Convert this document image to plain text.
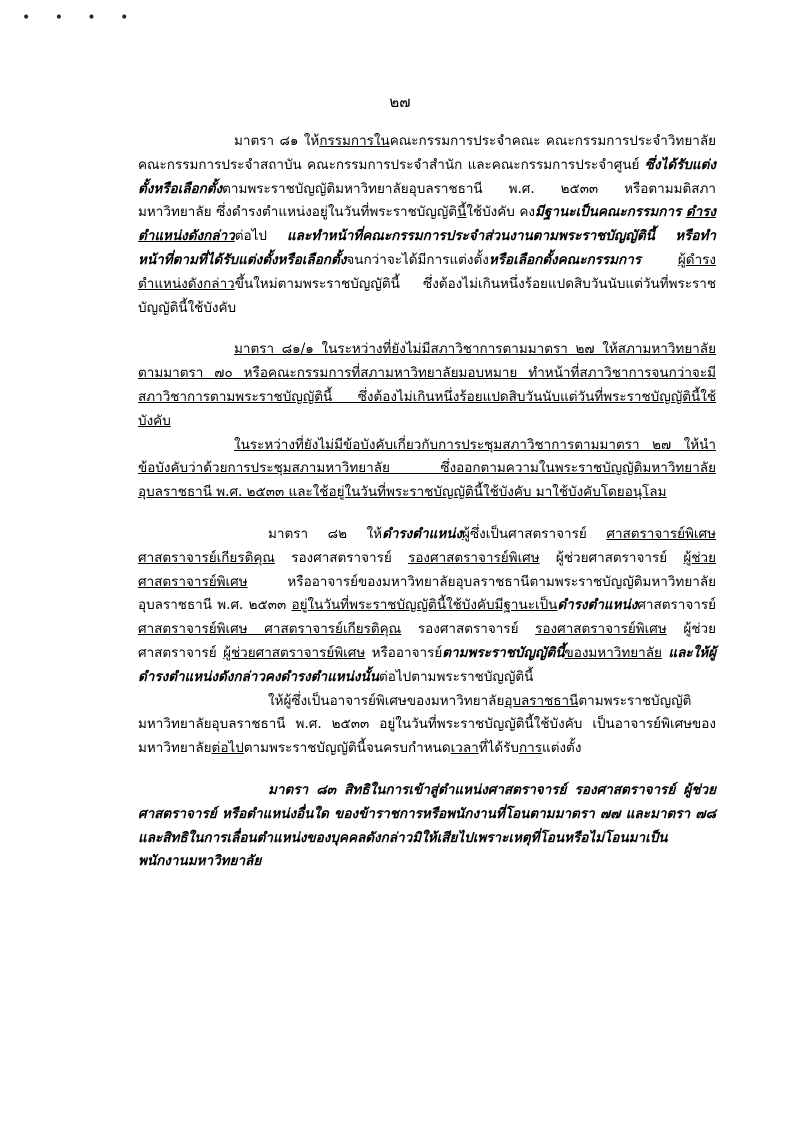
• • • •
๒๗

มาตรา ๘๑ ให้กรรมการในคณะกรรมการประจำคณะ คณะกรรมการประจำวิทยาลัย คณะกรรมการประจำสถาบัน คณะกรรมการประจำสำนัก และคณะกรรมการประจำศูนย์ ซึ่งได้รับแต่งตั้งหรือเลือกตั้งตามพระราชบัญญัติมหาวิทยาลัยอุบลราชธานี พ.ศ. ๒๕๓๓ หรือตามมติสภามหาวิทยาลัย ซึ่งดำรงตำแหน่งอยู่ในวันที่พระราชบัญญัตินี้ใช้บังคับ คงมีฐานะเป็นคณะกรรมการ ดำรงตำแหน่งดังกล่าวต่อไป และทำหน้าที่คณะกรรมการประจำส่วนงานตามพระราชบัญญัตินี้ หรือทำหน้าที่ตามที่ได้รับแต่งตั้งหรือเลือกตั้งจนกว่าจะได้มีการแต่งตั้งหรือเลือกตั้งคณะกรรมการ	ผู้ดำรงตำแหน่งดังกล่าวขึ้นใหม่ตามพระราชบัญญัตินี้ ซึ่งต้องไม่เกินหนึ่งร้อยแปดสิบวันนับแต่วันที่พระราชบัญญัตินี้ใช้บังคับ

มาตรา ๘๑/๑ ในระหว่างที่ยังไม่มีสภาวิชาการตามมาตรา ๒๗ ให้สภามหาวิทยาลัยตามมาตรา ๗๐ หรือคณะกรรมการที่สภามหาวิทยาลัยมอบหมาย ทำหน้าที่สภาวิชาการจนกว่าจะมีสภาวิชาการตามพระราชบัญญัตินี้ ซึ่งต้องไม่เกินหนึ่งร้อยแปดสิบวันนับแต่วันที่พระราชบัญญัตินี้ใช้บังคับ

ในระหว่างที่ยังไม่มีข้อบังคับเกี่ยวกับการประชุมสภาวิชาการตามมาตรา ๒๗ ให้นำข้อบังคับว่าด้วยการประชุมสภามหาวิทยาลัย ซึ่งออกตามความในพระราชบัญญัติมหาวิทยาลัยอุบลราชธานี พ.ศ. ๒๕๓๓ และใช้อยู่ในวันที่พระราชบัญญัตินี้ใช้บังคับ มาใช้บังคับโดยอนุโลม

มาตรา ๘๒ ให้ดำรงตำแหน่งผู้ซึ่งเป็นศาสตราจารย์ ศาสตราจารย์พิเศษ ศาสตราจารย์เกียรติคุณ รองศาสตราจารย์ รองศาสตราจารย์พิเศษ ผู้ช่วยศาสตราจารย์ ผู้ช่วยศาสตราจารย์พิเศษ หรืออาจารย์ของมหาวิทยาลัยอุบลราชธานีตามพระราชบัญญัติมหาวิทยาลัยอุบลราชธานี พ.ศ. ๒๕๓๓ อยู่ในวันที่พระราชบัญญัตินี้ใช้บังคับมีฐานะเป็นดำรงตำแหน่งศาสตราจารย์ ศาสตราจารย์พิเศษ ศาสตราจารย์เกียรติคุณ รองศาสตราจารย์ รองศาสตราจารย์พิเศษ ผู้ช่วยศาสตราจารย์ ผู้ช่วยศาสตราจารย์พิเศษ หรืออาจารย์ตามพระราชบัญญัตินี้ของมหาวิทยาลัย และให้ผู้ดำรงตำแหน่งดังกล่าวคงดำรงตำแหน่งนั้นต่อไปตามพระราชบัญญัตินี้

ให้ผู้ซึ่งเป็นอาจารย์พิเศษของมหาวิทยาลัยอุบลราชธานีตามพระราชบัญญัติมหาวิทยาลัยอุบลราชธานี พ.ศ. ๒๕๓๓ อยู่ในวันที่พระราชบัญญัตินี้ใช้บังคับ เป็นอาจารย์พิเศษของมหาวิทยาลัยต่อไปตามพระราชบัญญัตินี้จนครบกำหนดเวลาที่ได้รับการแต่งตั้ง

มาตรา ๘๓ สิทธิในการเข้าสู่ตำแหน่งศาสตราจารย์ รองศาสตราจารย์ ผู้ช่วยศาสตราจารย์ หรือตำแหน่งอื่นใด ของข้าราชการหรือพนักงานที่โอนตามมาตรา ๗๗ และมาตรา ๗๘ และสิทธิในการเลื่อนตำแหน่งของบุคคลดังกล่าวมิให้เสียไปเพราะเหตุที่โอนหรือไม่โอนมาเป็นพนักงานมหาวิทยาลัย
